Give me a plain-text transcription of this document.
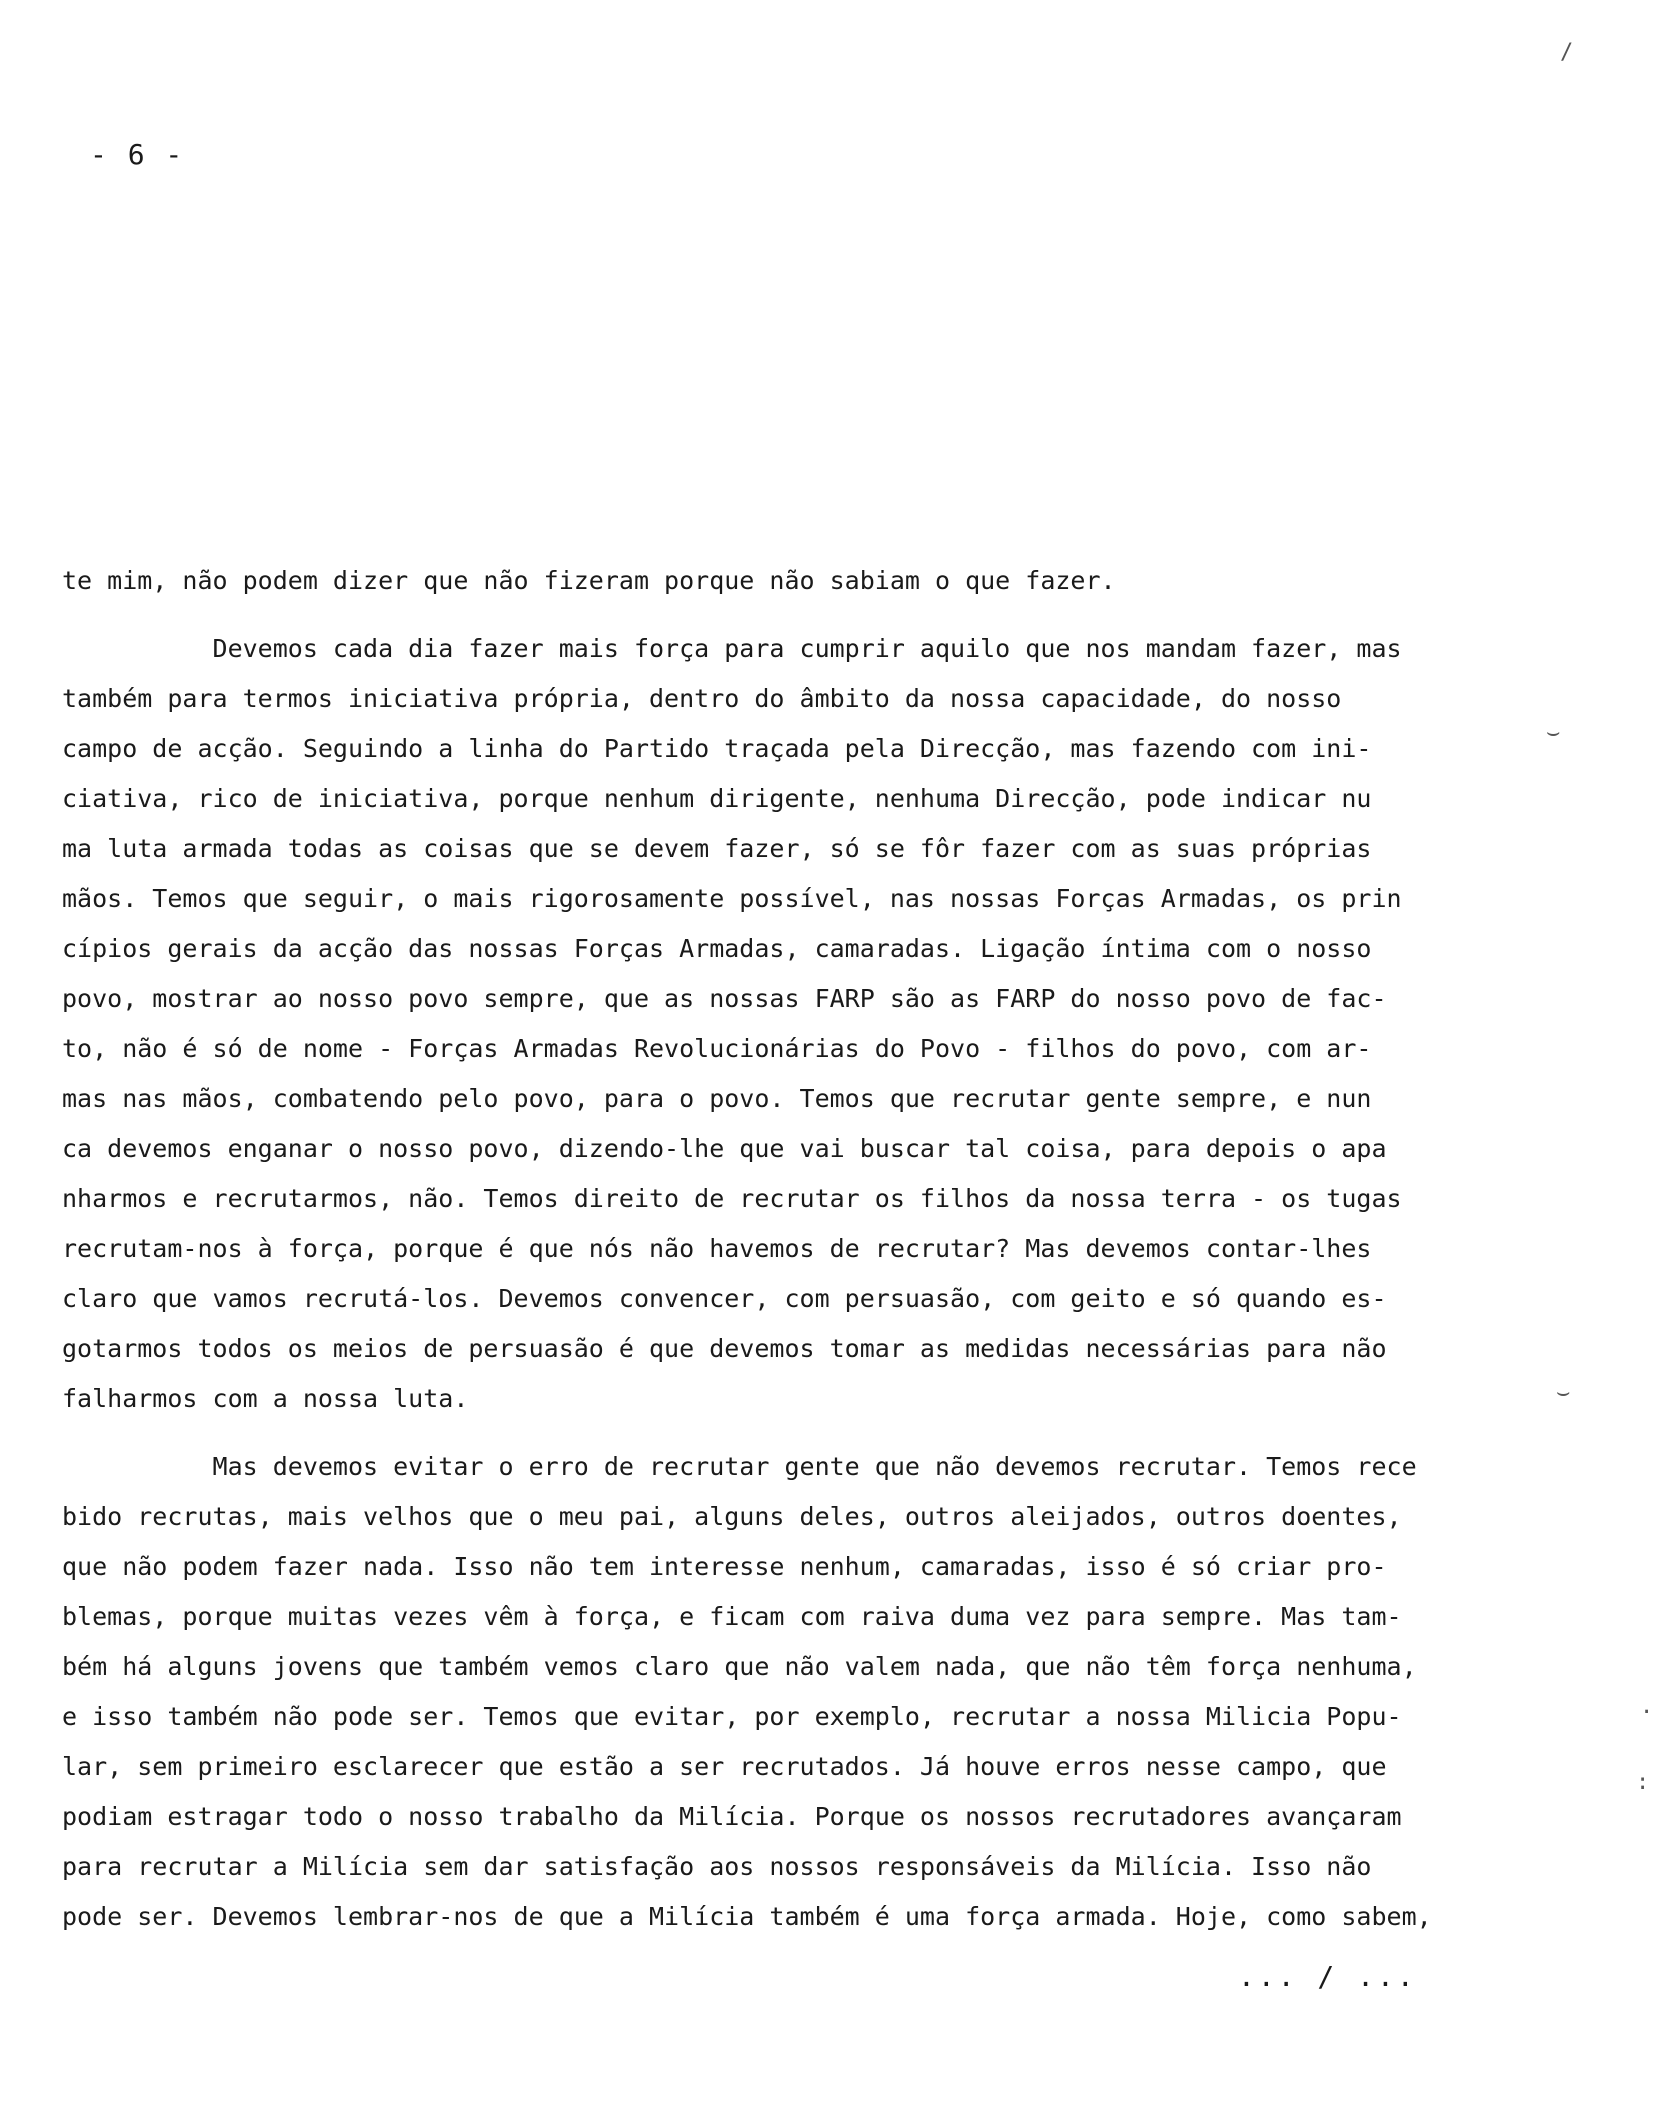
- 6 -
te mim, não podem dizer que não fizeram porque não sabiam o que fazer.
Devemos cada dia fazer mais força para cumprir aquilo que nos mandam fazer, mas
também para termos iniciativa própria, dentro do âmbito da nossa capacidade, do nosso
campo de acção. Seguindo a linha do Partido traçada pela Direcção, mas fazendo com ini-
ciativa, rico de iniciativa, porque nenhum dirigente, nenhuma Direcção, pode indicar nu
ma luta armada todas as coisas que se devem fazer, só se fôr fazer com as suas próprias
mãos. Temos que seguir, o mais rigorosamente possível, nas nossas Forças Armadas, os prin
cípios gerais da acção das nossas Forças Armadas, camaradas. Ligação íntima com o nosso
povo, mostrar ao nosso povo sempre, que as nossas FARP são as FARP do nosso povo de fac-
to, não é só de nome - Forças Armadas Revolucionárias do Povo - filhos do povo, com ar-
mas nas mãos, combatendo pelo povo, para o povo. Temos que recrutar gente sempre, e nun
ca devemos enganar o nosso povo, dizendo-lhe que vai buscar tal coisa, para depois o apa
nharmos e recrutarmos, não. Temos direito de recrutar os filhos da nossa terra - os tugas
recrutam-nos à força, porque é que nós não havemos de recrutar? Mas devemos contar-lhes
claro que vamos recrutá-los. Devemos convencer, com persuasão, com geito e só quando es-
gotarmos todos os meios de persuasão é que devemos tomar as medidas necessárias para não
falharmos com a nossa luta.
Mas devemos evitar o erro de recrutar gente que não devemos recrutar. Temos rece
bido recrutas, mais velhos que o meu pai, alguns deles, outros aleijados, outros doentes,
que não podem fazer nada. Isso não tem interesse nenhum, camaradas, isso é só criar pro-
blemas, porque muitas vezes vêm à força, e ficam com raiva duma vez para sempre. Mas tam-
bém há alguns jovens que também vemos claro que não valem nada, que não têm força nenhuma,
e isso também não pode ser. Temos que evitar, por exemplo, recrutar a nossa Milicia Popu-
lar, sem primeiro esclarecer que estão a ser recrutados. Já houve erros nesse campo, que
podiam estragar todo o nosso trabalho da Milícia. Porque os nossos recrutadores avançaram
para recrutar a Milícia sem dar satisfação aos nossos responsáveis da Milícia. Isso não
pode ser. Devemos lembrar-nos de que a Milícia também é uma força armada. Hoje, como sabem,
... / ...
/
⌣
⌣
·
:
